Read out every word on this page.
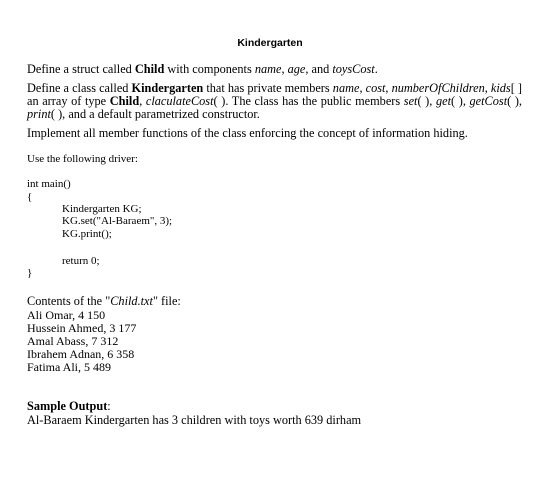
Kindergarten
Define a struct called Child with components name, age, and toysCost.
Define a class called Kindergarten that has private members name, cost, numberOfChildren, kids[ ] an array of type Child, claculateCost( ). The class has the public members set( ), get( ), getCost( ), print( ), and a default parametrized constructor.
Implement all member functions of the class enforcing the concept of information hiding.
Use the following driver:
int main()
{
Kindergarten KG;
KG.set("Al-Baraem", 3);
KG.print();
return 0;
}
Contents of the "Child.txt" file:
Ali Omar, 4 150
Hussein Ahmed, 3 177
Amal Abass, 7 312
Ibrahem Adnan, 6 358
Fatima Ali, 5 489
Sample Output:
Al-Baraem Kindergarten has 3 children with toys worth 639 dirham
